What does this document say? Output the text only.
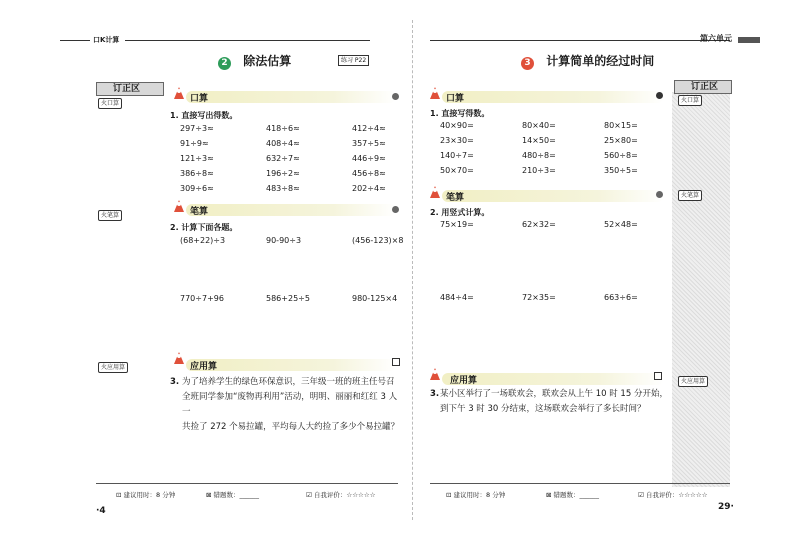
口K计算
2 除法估算	练习 P22
订正区
火口算
火笔算
火应用算
口算
1. 直接写出得数。
297÷3≈	418÷6≈	412÷4≈
91÷9≈	408÷4≈	357÷5≈
121÷3≈	632÷7≈	446÷9≈
386÷8≈	196÷2≈	456÷8≈
309÷6≈	483÷8≈	202÷4≈
笔算
2. 计算下面各题。
(68+22)÷3	90-90÷3	(456-123)×8
770÷7+96	586+25÷5	980-125×4
应用算
3. 为了培养学生的绿色环保意识，三年级一班的班主任号召
全班同学参加“废物再利用”活动，明明、丽丽和红红 3 人一
共捡了 272 个易拉罐，平均每人大约捡了多少个易拉罐？
⊡ 建议用时：8 分钟	⊠ 错题数：______	☑ 自我评价：☆☆☆☆☆
·4
第六单元
3 计算简单的经过时间
订正区
火口算
火笔算
火应用算
口算
1. 直接写得数。
40×90=	80×40=	80×15=
23×30=	14×50=	25×80=
140÷7=	480÷8=	560÷8=
50×70=	210÷3=	350÷5=
笔算
2. 用竖式计算。
75×19=	62×32=	52×48=
484÷4=	72×35=	663÷6=
应用算
3. 某小区举行了一场联欢会，联欢会从上午 10 时 15 分开始，
到下午 3 时 30 分结束，这场联欢会举行了多长时间？
⊡ 建议用时：8 分钟	⊠ 错题数：______	☑ 自我评价：☆☆☆☆☆
29·
